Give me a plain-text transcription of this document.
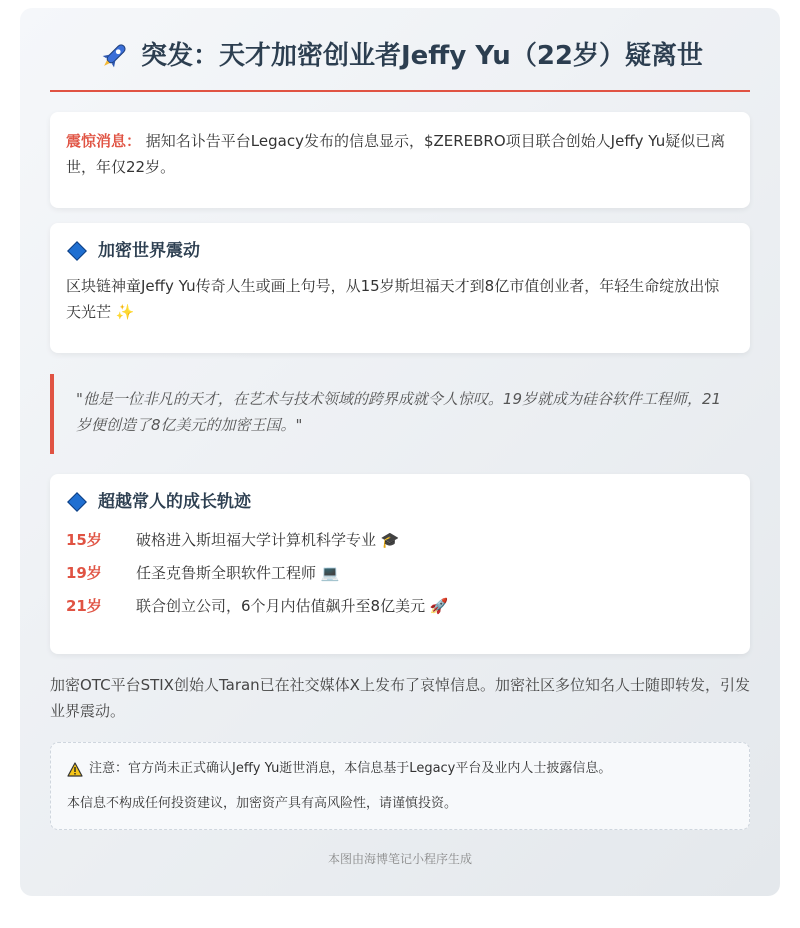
突发：天才加密创业者Jeffy Yu（22岁）疑离世
震惊消息： 据知名讣告平台Legacy发布的信息显示，$ZEREBRO项目联合创始人Jeffy Yu疑似已离世，年仅22岁。
加密世界震动
区块链神童Jeffy Yu传奇人生或画上句号，从15岁斯坦福天才到8亿市值创业者，年轻生命绽放出惊天光芒 ✨
"他是一位非凡的天才，在艺术与技术领域的跨界成就令人惊叹。19岁就成为硅谷软件工程师，21岁便创造了8亿美元的加密王国。"
超越常人的成长轨迹
15岁	破格进入斯坦福大学计算机科学专业 🎓
19岁	任圣克鲁斯全职软件工程师 💻
21岁	联合创立公司，6个月内估值飙升至8亿美元 🚀
加密OTC平台STIX创始人Taran已在社交媒体X上发布了哀悼信息。加密社区多位知名人士随即转发，引发业界震动。
注意：官方尚未正式确认Jeffy Yu逝世消息，本信息基于Legacy平台及业内人士披露信息。
本信息不构成任何投资建议，加密资产具有高风险性，请谨慎投资。
本图由海博笔记小程序生成
